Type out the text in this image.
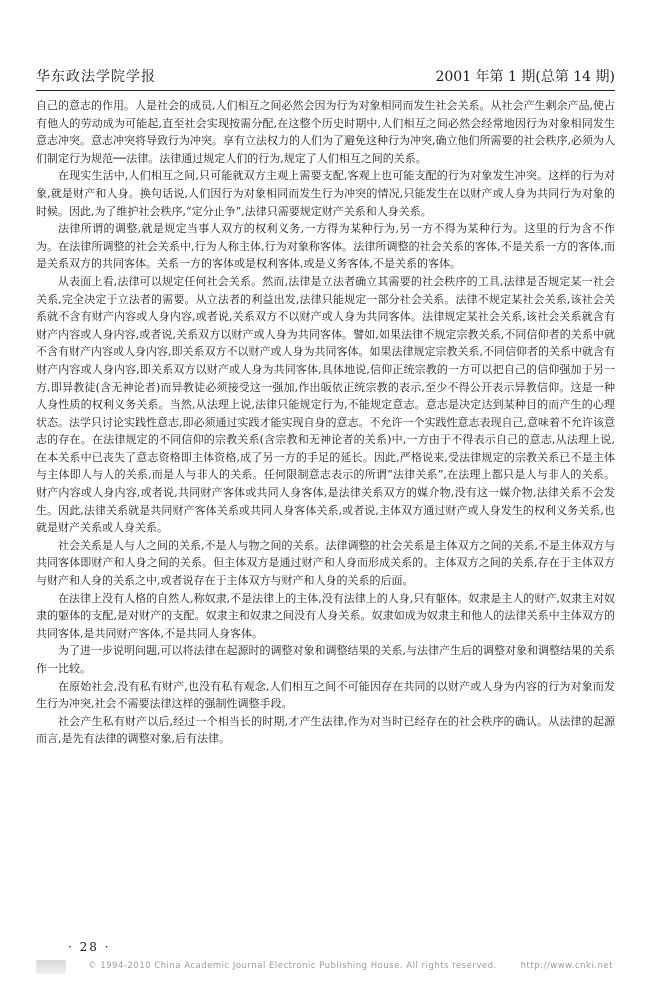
华东政法学院学报	2001 年第 1 期(总第 14 期)

自己的意志的作用。人是社会的成员,人们相互之间必然会因为行为对象相同而发生社会关系。从社会产生剩余产品,使占有他人的劳动成为可能起,直至社会实现按需分配,在这整个历史时期中,人们相互之间必然会经常地因行为对象相同发生意志冲突。意志冲突将导致行为冲突。享有立法权力的人们为了避免这种行为冲突,确立他们所需要的社会秩序,必须为人们制定行为规范──法律。法律通过规定人们的行为,规定了人们相互之间的关系。

在现实生活中,人们相互之间,只可能就双方主观上需要支配,客观上也可能支配的行为对象发生冲突。这样的行为对象,就是财产和人身。换句话说,人们因行为对象相同而发生行为冲突的情况,只能发生在以财产或人身为共同行为对象的时候。因此,为了维护社会秩序,“定分止争”,法律只需要规定财产关系和人身关系。

法律所谓的调整,就是规定当事人双方的权利义务,一方得为某种行为,另一方不得为某种行为。这里的行为含不作为。在法律所调整的社会关系中,行为人称主体,行为对象称客体。法律所调整的社会关系的客体,不是关系一方的客体,而是关系双方的共同客体。关系一方的客体或是权利客体,或是义务客体,不是关系的客体。

从表面上看,法律可以规定任何社会关系。然而,法律是立法者确立其需要的社会秩序的工具,法律是否规定某一社会关系,完全决定于立法者的需要。从立法者的利益出发,法律只能规定一部分社会关系。法律不规定某社会关系,该社会关系就不含有财产内容或人身内容,或者说,关系双方不以财产或人身为共同客体。法律规定某社会关系,该社会关系就含有财产内容或人身内容,或者说,关系双方以财产或人身为共同客体。譬如,如果法律不规定宗教关系,不同信仰者的关系中就不含有财产内容或人身内容,即关系双方不以财产或人身为共同客体。如果法律规定宗教关系,不同信仰者的关系中就含有财产内容或人身内容,即关系双方以财产或人身为共同客体,具体地说,信仰正统宗教的一方可以把自己的信仰强加于另一方,即异教徒(含无神论者)而异教徒必须接受这一强加,作出皈依正统宗教的表示,至少不得公开表示异教信仰。这是一种人身性质的权利义务关系。当然,从法理上说,法律只能规定行为,不能规定意志。意志是决定达到某种目的而产生的心理状态。法学只讨论实践性意志,即必须通过实践才能实现自身的意志。不允许一个实践性意志表现自己,意味着不允许该意志的存在。在法律规定的不同信仰的宗教关系(含宗教和无神论者的关系)中,一方由于不得表示自己的意志,从法理上说,在本关系中已丧失了意志资格即主体资格,成了另一方的手足的延长。因此,严格说来,受法律规定的宗教关系已不是主体与主体即人与人的关系,而是人与非人的关系。任何限制意志表示的所谓“法律关系”,在法理上都只是人与非人的关系。财产内容或人身内容,或者说,共同财产客体或共同人身客体,是法律关系双方的媒介物,没有这一媒介物,法律关系不会发生。因此,法律关系就是共同财产客体关系或共同人身客体关系,或者说,主体双方通过财产或人身发生的权利义务关系,也就是财产关系或人身关系。

社会关系是人与人之间的关系,不是人与物之间的关系。法律调整的社会关系是主体双方之间的关系,不是主体双方与共同客体即财产和人身之间的关系。但主体双方是通过财产和人身而形成关系的。主体双方之间的关系,存在于主体双方与财产和人身的关系之中,或者说存在于主体双方与财产和人身的关系的后面。

在法律上没有人格的自然人,称奴隶,不是法律上的主体,没有法律上的人身,只有躯体。奴隶是主人的财产,奴隶主对奴隶的躯体的支配,是对财产的支配。奴隶主和奴隶之间没有人身关系。奴隶如成为奴隶主和他人的法律关系中主体双方的共同客体,是共同财产客体,不是共同人身客体。

为了进一步说明问题,可以将法律在起源时的调整对象和调整结果的关系,与法律产生后的调整对象和调整结果的关系作一比较。

在原始社会,没有私有财产,也没有私有观念,人们相互之间不可能因存在共同的以财产或人身为内容的行为对象而发生行为冲突,社会不需要法律这样的强制性调整手段。

社会产生私有财产以后,经过一个相当长的时期,才产生法律,作为对当时已经存在的社会秩序的确认。从法律的起源而言,是先有法律的调整对象,后有法律。

· 28 ·
© 1994-2010 China Academic Journal Electronic Publishing House. All rights reserved.	http://www.cnki.net
